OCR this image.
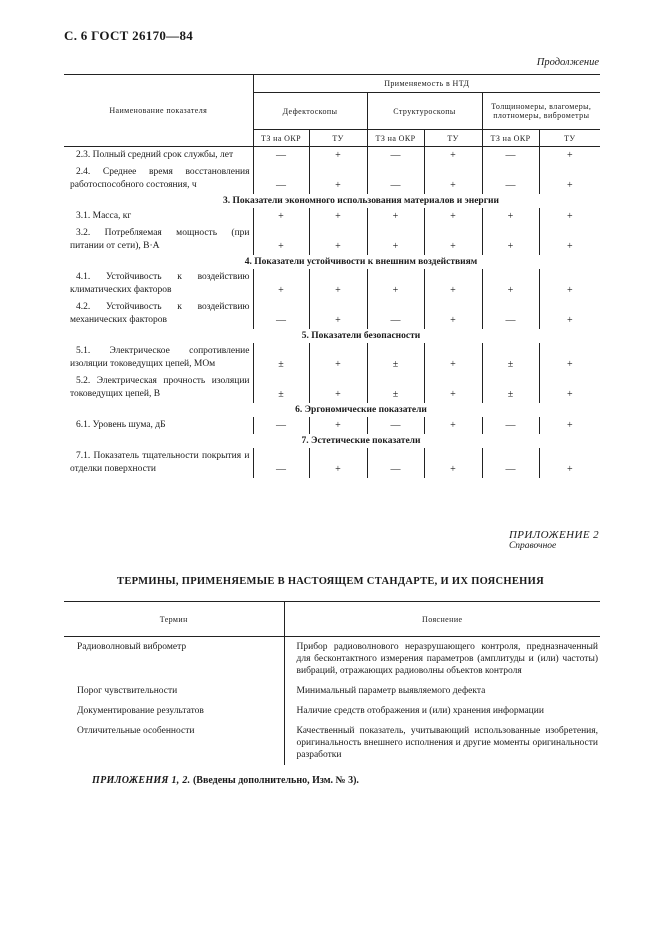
С. 6 ГОСТ 26170—84
Продолжение
Наименование показателя	Применяемость в НТД					
	Дефектоскопы		Структуроскопы		Толщиномеры, влагомеры, плотномеры, виброметры	
	ТЗ на ОКР	ТУ	ТЗ на ОКР	ТУ	ТЗ на ОКР	ТУ

2.3. Полный средний срок службы, лет	—	+	—	+	—	+

2.4. Среднее время восстановления работоспособного состояния, ч	—	+	—	+	—	+
3. Показатели экономного использования материалов и энергии						

3.1. Масса, кг	+	+	+	+	+	+

3.2. Потребляемая мощность (при питании от сети), В·А	+	+	+	+	+	+
4. Показатели устойчивости к внешним воздействиям						

4.1. Устойчивость к воздействию климатических факторов	+	+	+	+	+	+

4.2. Устойчивость к воздействию механических факторов	—	+	—	+	—	+
5. Показатели безопасности						

5.1. Электрическое сопротивление изоляции токоведущих цепей, МОм	±	+	±	+	±	+

5.2. Электрическая прочность изоляции токоведущих цепей, В	±	+	±	+	±	+
6. Эргономические показатели						

6.1. Уровень шума, дБ	—	+	—	+	—	+
7. Эстетические показатели						

7.1. Показатель тщательности покрытия и отделки поверхности	—	+	—	+	—	+
ПРИЛОЖЕНИЕ 2
Справочное
ТЕРМИНЫ, ПРИМЕНЯЕМЫЕ В НАСТОЯЩЕМ СТАНДАРТЕ, И ИХ ПОЯСНЕНИЯ
Термин	Пояснение
Радиоволновый виброметр	Прибор радиоволнового неразрушающего контроля, предназначенный для бесконтактного измерения параметров (амплитуды и (или) частоты) вибраций, отражающих радиоволны объектов контроля
Порог чувствительности	Минимальный параметр выявляемого дефекта
Документирование результатов	Наличие средств отображения и (или) хранения информации
Отличительные особенности	Качественный показатель, учитывающий использованные изобретения, оригинальность внешнего исполнения и другие моменты оригинальности разработки
ПРИЛОЖЕНИЯ 1, 2. (Введены дополнительно, Изм. № 3).
